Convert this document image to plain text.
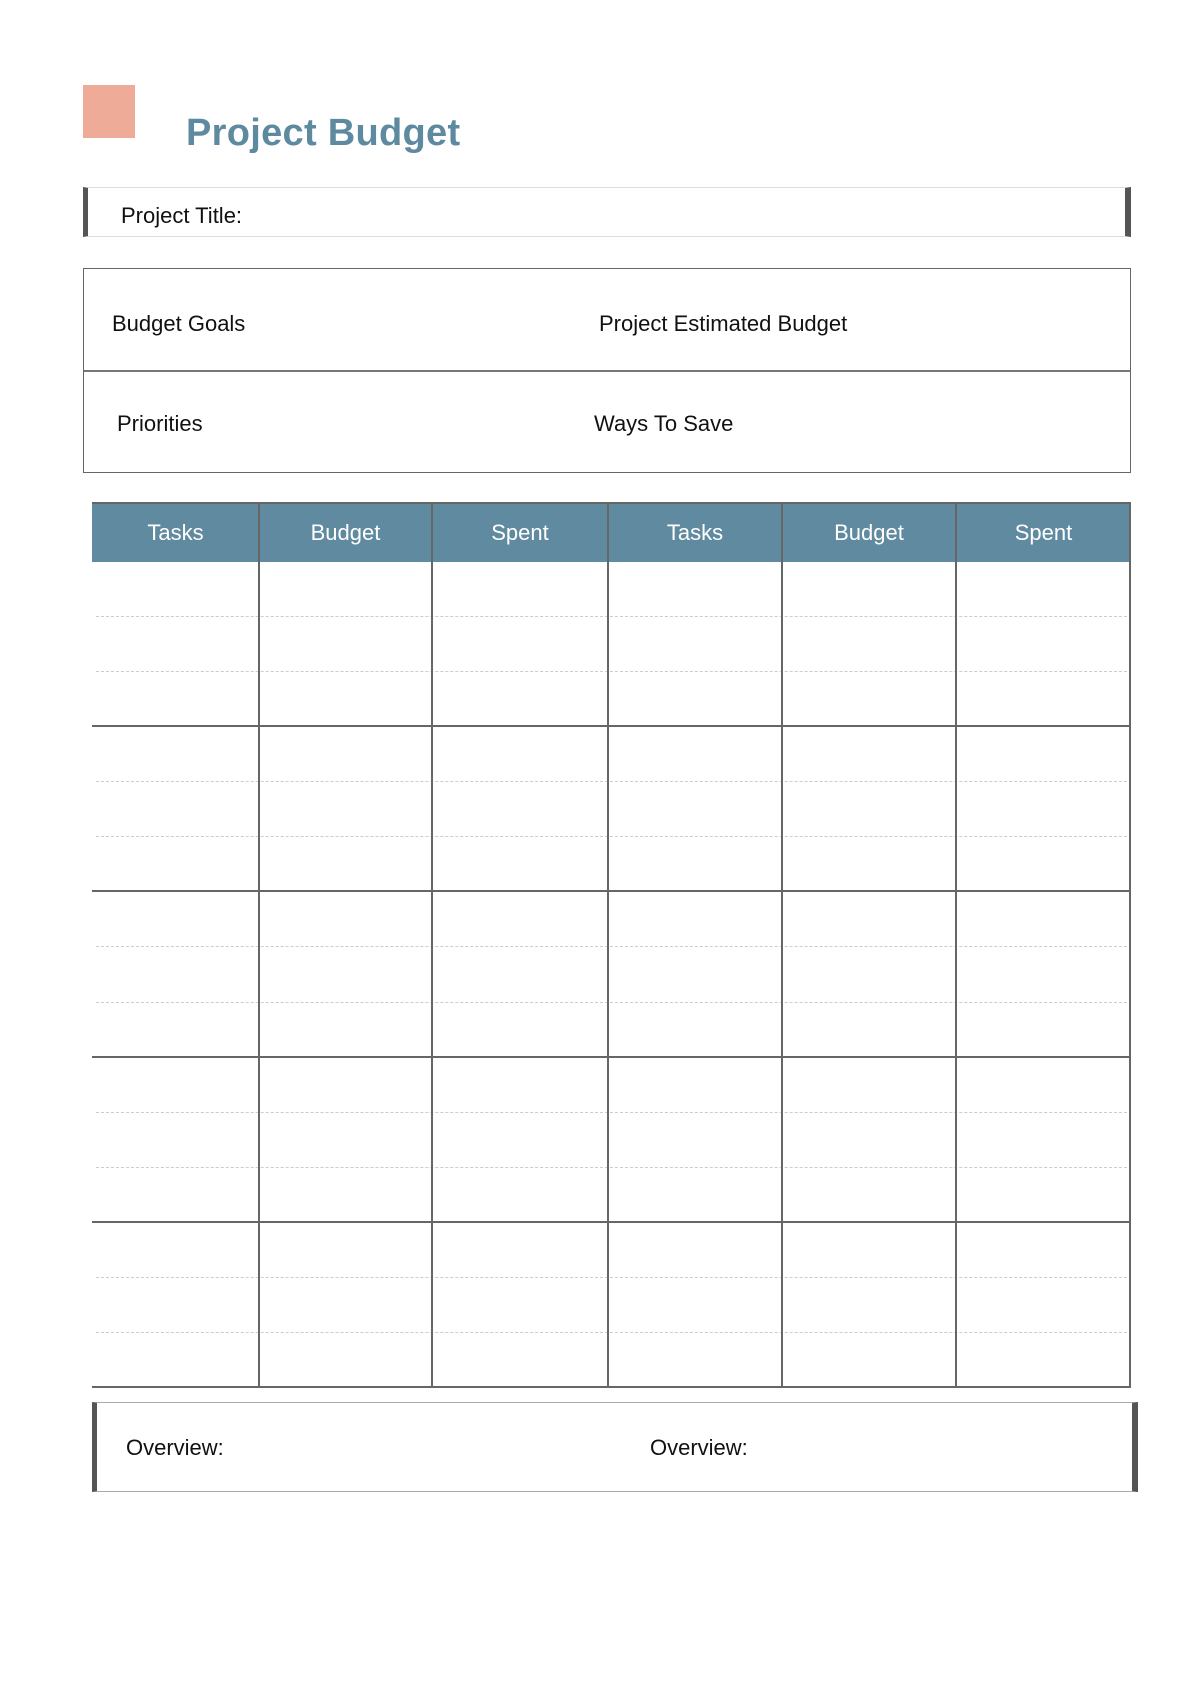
Project Budget
Project Title:
Budget Goals	Project Estimated Budget
Priorities	Ways To Save
Tasks	Budget	Spent	Tasks	Budget	Spent
Overview:	Overview:
